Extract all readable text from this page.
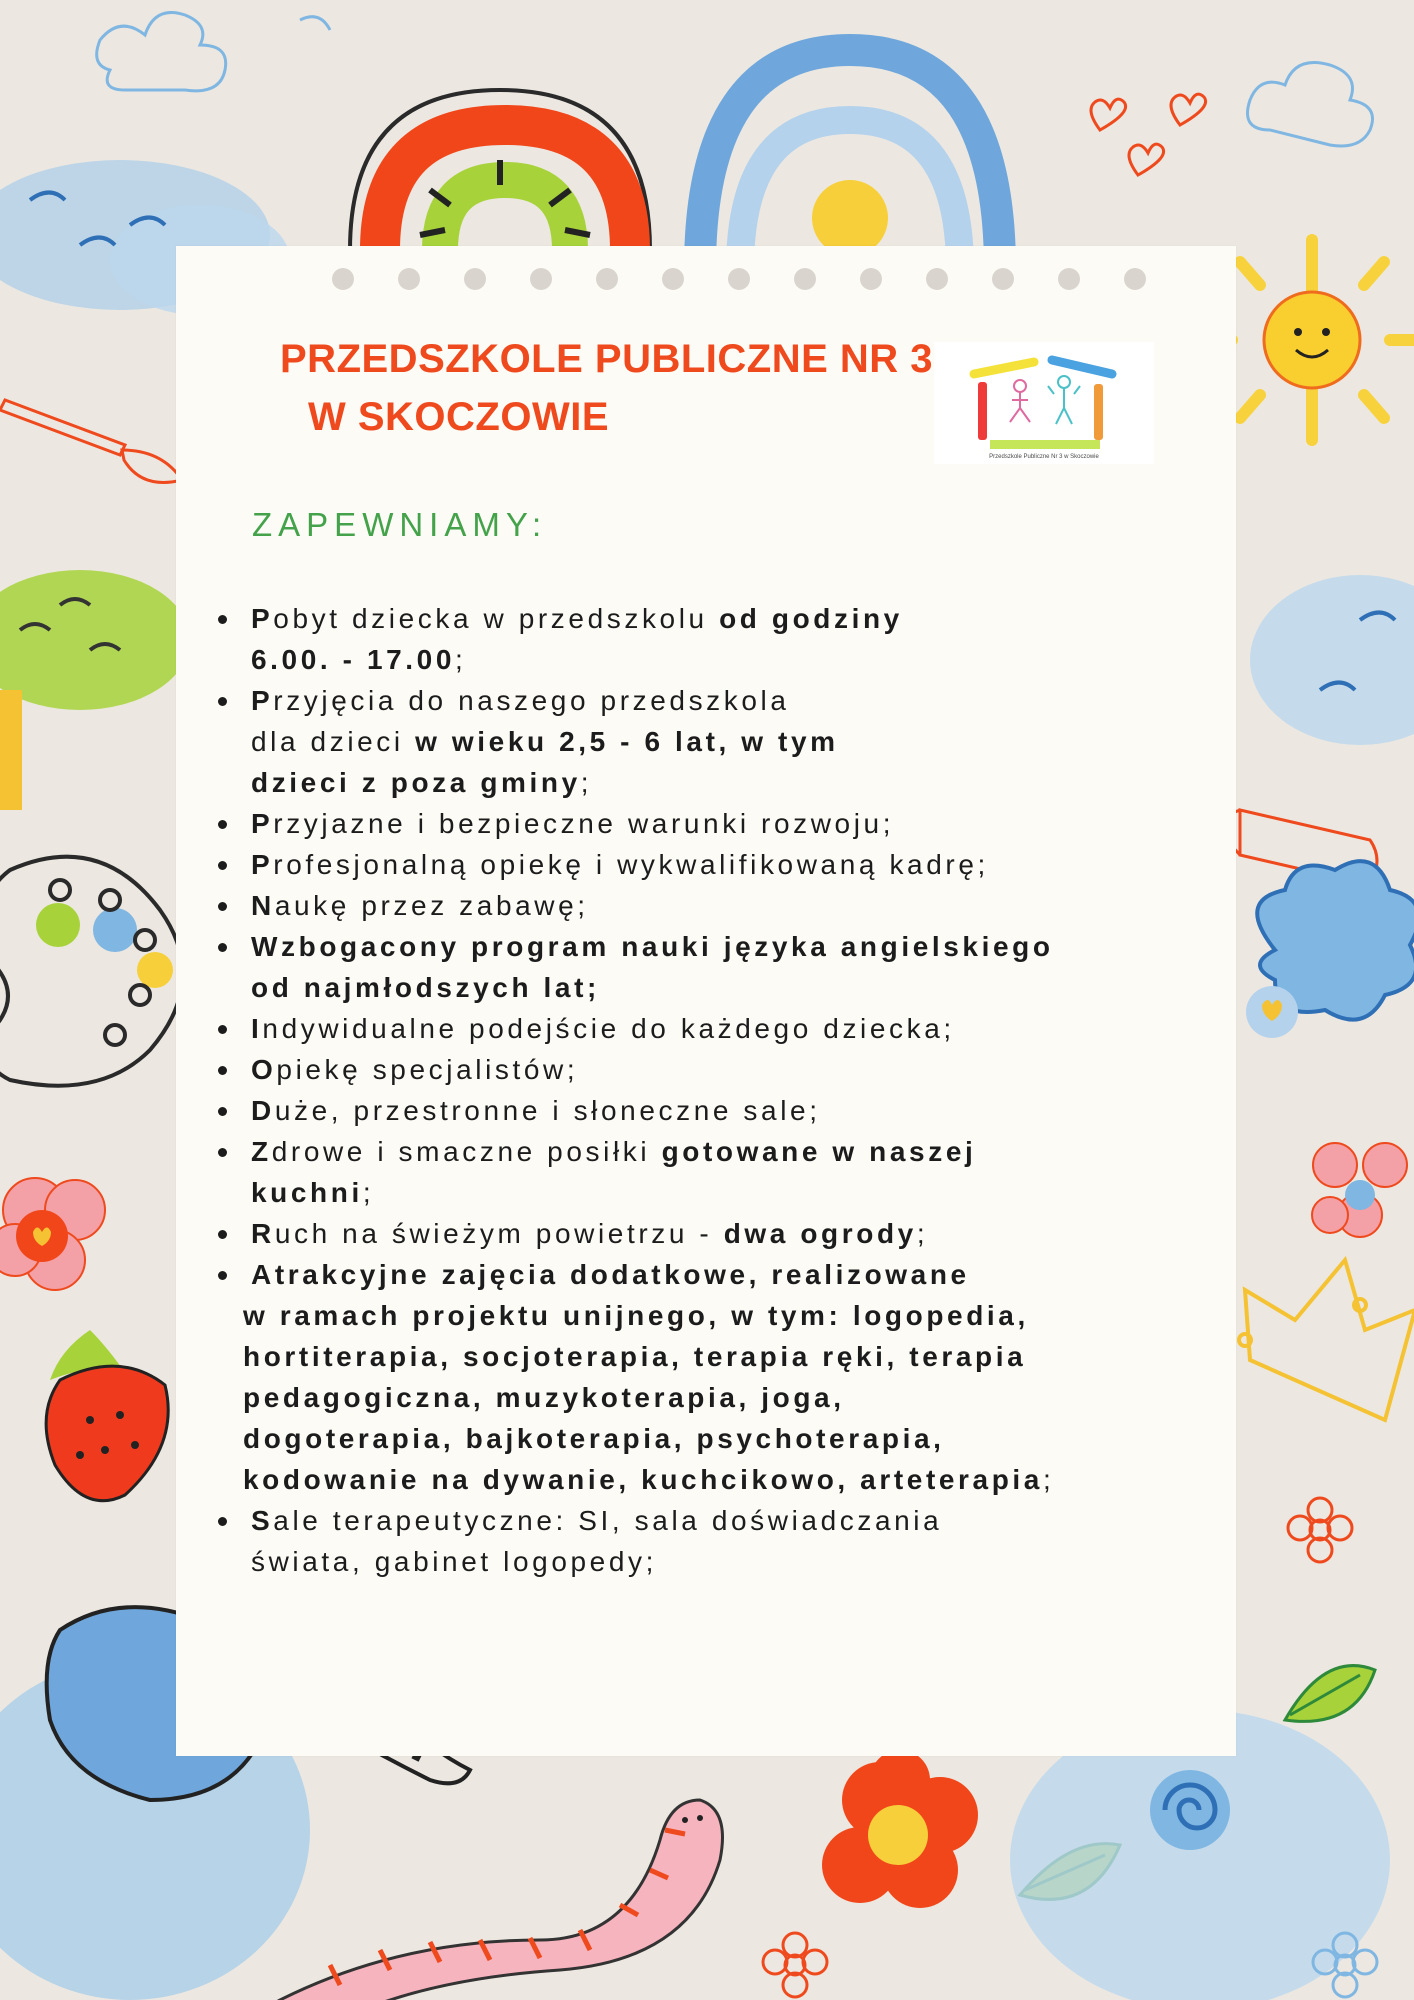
PRZEDSZKOLE PUBLICZNE NR 3
W SKOCZOWIE
Przedszkole Publiczne Nr 3 w Skoczowie
ZAPEWNIAMY:
Pobyt dziecka w przedszkolu od godziny
6.00. - 17.00;
Przyjęcia do naszego przedszkola
dla dzieci w wieku 2,5 - 6 lat, w tym
dzieci z poza gminy;
Przyjazne i bezpieczne warunki rozwoju;
Profesjonalną opiekę i wykwalifikowaną kadrę;
Naukę przez zabawę;
Wzbogacony program nauki języka angielskiego
od najmłodszych lat;
Indywidualne podejście do każdego dziecka;
Opiekę specjalistów;
Duże, przestronne i słoneczne sale;
Zdrowe i smaczne posiłki gotowane w naszej
kuchni;
Ruch na świeżym powietrzu - dwa ogrody;
Atrakcyjne zajęcia dodatkowe, realizowane
w ramach projektu unijnego, w tym: logopedia,
hortiterapia, socjoterapia, terapia ręki, terapia
pedagogiczna, muzykoterapia, joga,
dogoterapia, bajkoterapia, psychoterapia,
kodowanie na dywanie, kuchcikowo, arteterapia;
Sale terapeutyczne: SI, sala doświadczania
świata, gabinet logopedy;
